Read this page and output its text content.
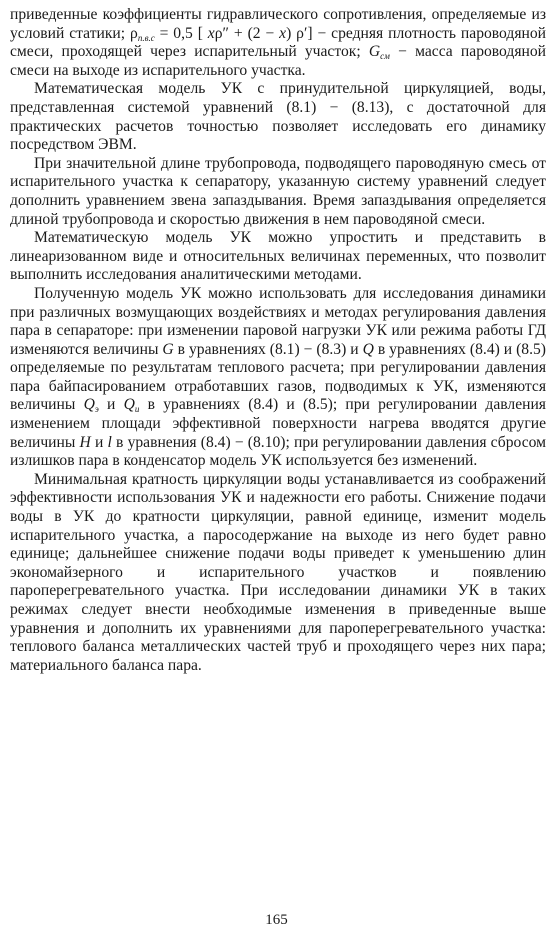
приведенные коэффициенты гидравлического сопротивления, определяемые из условий статики; $\rho_{п.в.с} = 0,5$ [ xρ″ + (2 − x) ρ′] − средняя плотность пароводяной смеси, проходящей через испарительный участок; $G_{см}$ − масса пароводяной смеси на выходе из испарительного участка.

Математическая модель УК с принудительной циркуляцией, воды, представленная системой уравнений (8.1) − (8.13), с достаточной для практических расчетов точностью позволяет исследовать его динамику посредством ЭВМ.

При значительной длине трубопровода, подводящего пароводяную смесь от испарительного участка к сепаратору, указанную систему уравнений следует дополнить уравнением звена запаздывания. Время запаздывания определяется длиной трубопровода и скоростью движения в нем пароводяной смеси.

Математическую модель УК можно упростить и представить в линеаризованном виде и относительных величинах переменных, что позволит выполнить исследования аналитическими методами.

Полученную модель УК можно использовать для исследования динамики при различных возмущающих воздействиях и методах регулирования давления пара в сепараторе: при изменении паровой нагрузки УК или режима работы ГД изменяются величины G в уравнениях (8.1) − (8.3) и Q в уравнениях (8.4) и (8.5) определяемые по результатам теплового расчета; при регулировании давления пара байпасированием отработавших газов, подводимых к УК, изменяются величины $Q_э$ и $Q_и$ в уравнениях (8.4) и (8.5); при регулировании давления изменением площади эффективной поверхности нагрева вводятся другие величины H и l в уравнения (8.4) − (8.10); при регулировании давления сбросом излишков пара в конденсатор модель УК используется без изменений.

Минимальная кратность циркуляции воды устанавливается из соображений эффективности использования УК и надежности его работы. Снижение подачи воды в УК до кратности циркуляции, равной единице, изменит модель испарительного участка, а паросодержание на выходе из него будет равно единице; дальнейшее снижение подачи воды приведет к уменьшению длин экономайзерного и испарительного участков и появлению пароперегревательного участка. При исследовании динамики УК в таких режимах следует внести необходимые изменения в приведенные выше уравнения и дополнить их уравнениями для пароперегревательного участка: теплового баланса металлических частей труб и проходящего через них пара; материального баланса пара.

165
